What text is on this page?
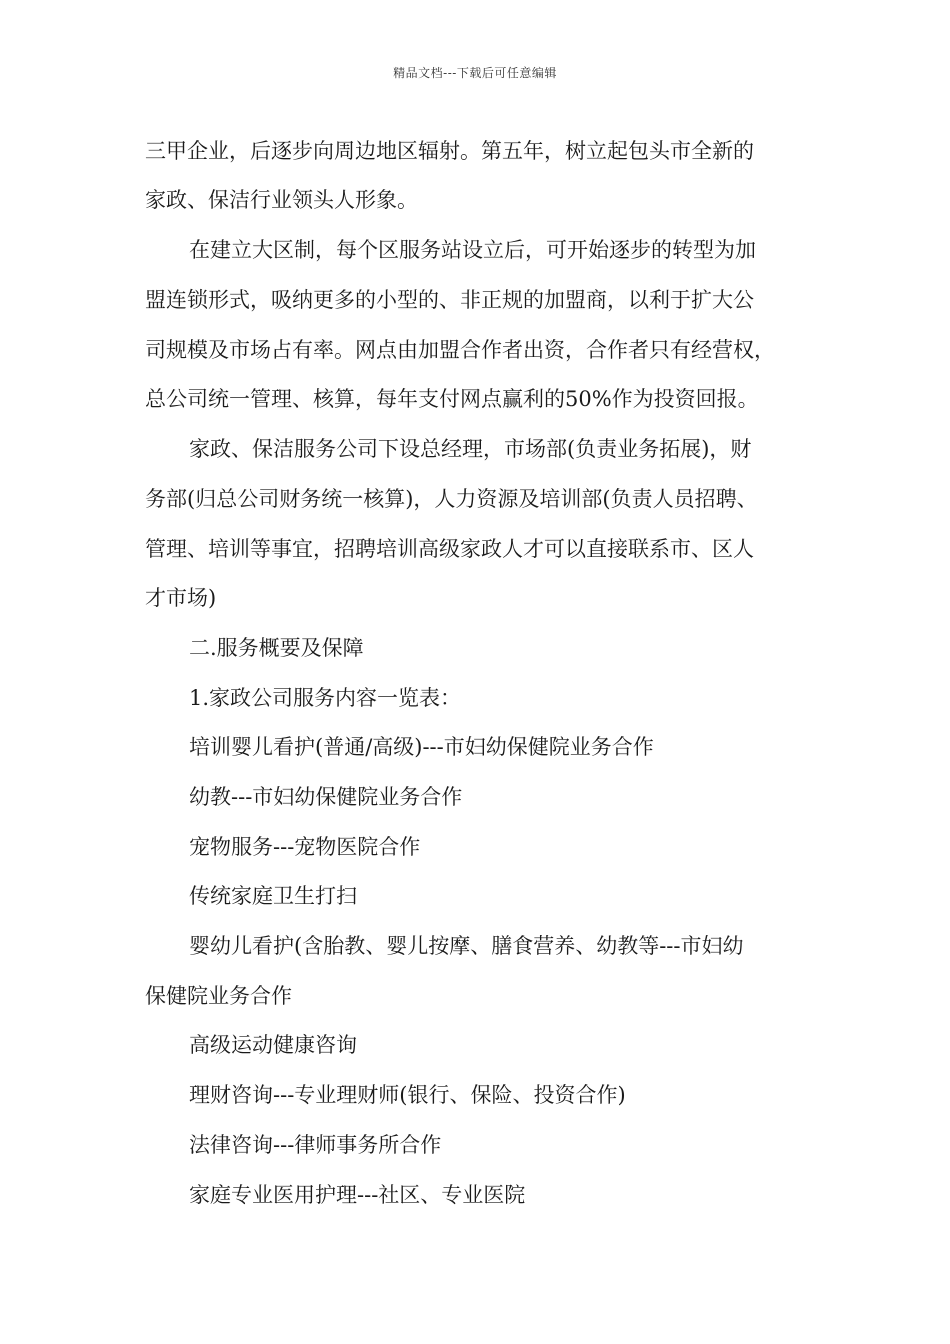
精品文档---下载后可任意编辑
三甲企业，后逐步向周边地区辐射。第五年，树立起包头市全新的
家政、保洁行业领头人形象。
在建立大区制，每个区服务站设立后，可开始逐步的转型为加
盟连锁形式，吸纳更多的小型的、非正规的加盟商，以利于扩大公
司规模及市场占有率。网点由加盟合作者出资，合作者只有经营权，
总公司统一管理、核算，每年支付网点赢利的50%作为投资回报。
家政、保洁服务公司下设总经理，市场部(负责业务拓展)，财
务部(归总公司财务统一核算)，人力资源及培训部(负责人员招聘、
管理、培训等事宜，招聘培训高级家政人才可以直接联系市、区人
才市场)
二.服务概要及保障
1.家政公司服务内容一览表：
培训婴儿看护(普通/高级)---市妇幼保健院业务合作
幼教---市妇幼保健院业务合作
宠物服务---宠物医院合作
传统家庭卫生打扫
婴幼儿看护(含胎教、婴儿按摩、膳食营养、幼教等---市妇幼
保健院业务合作
高级运动健康咨询
理财咨询---专业理财师(银行、保险、投资合作)
法律咨询---律师事务所合作
家庭专业医用护理---社区、专业医院
